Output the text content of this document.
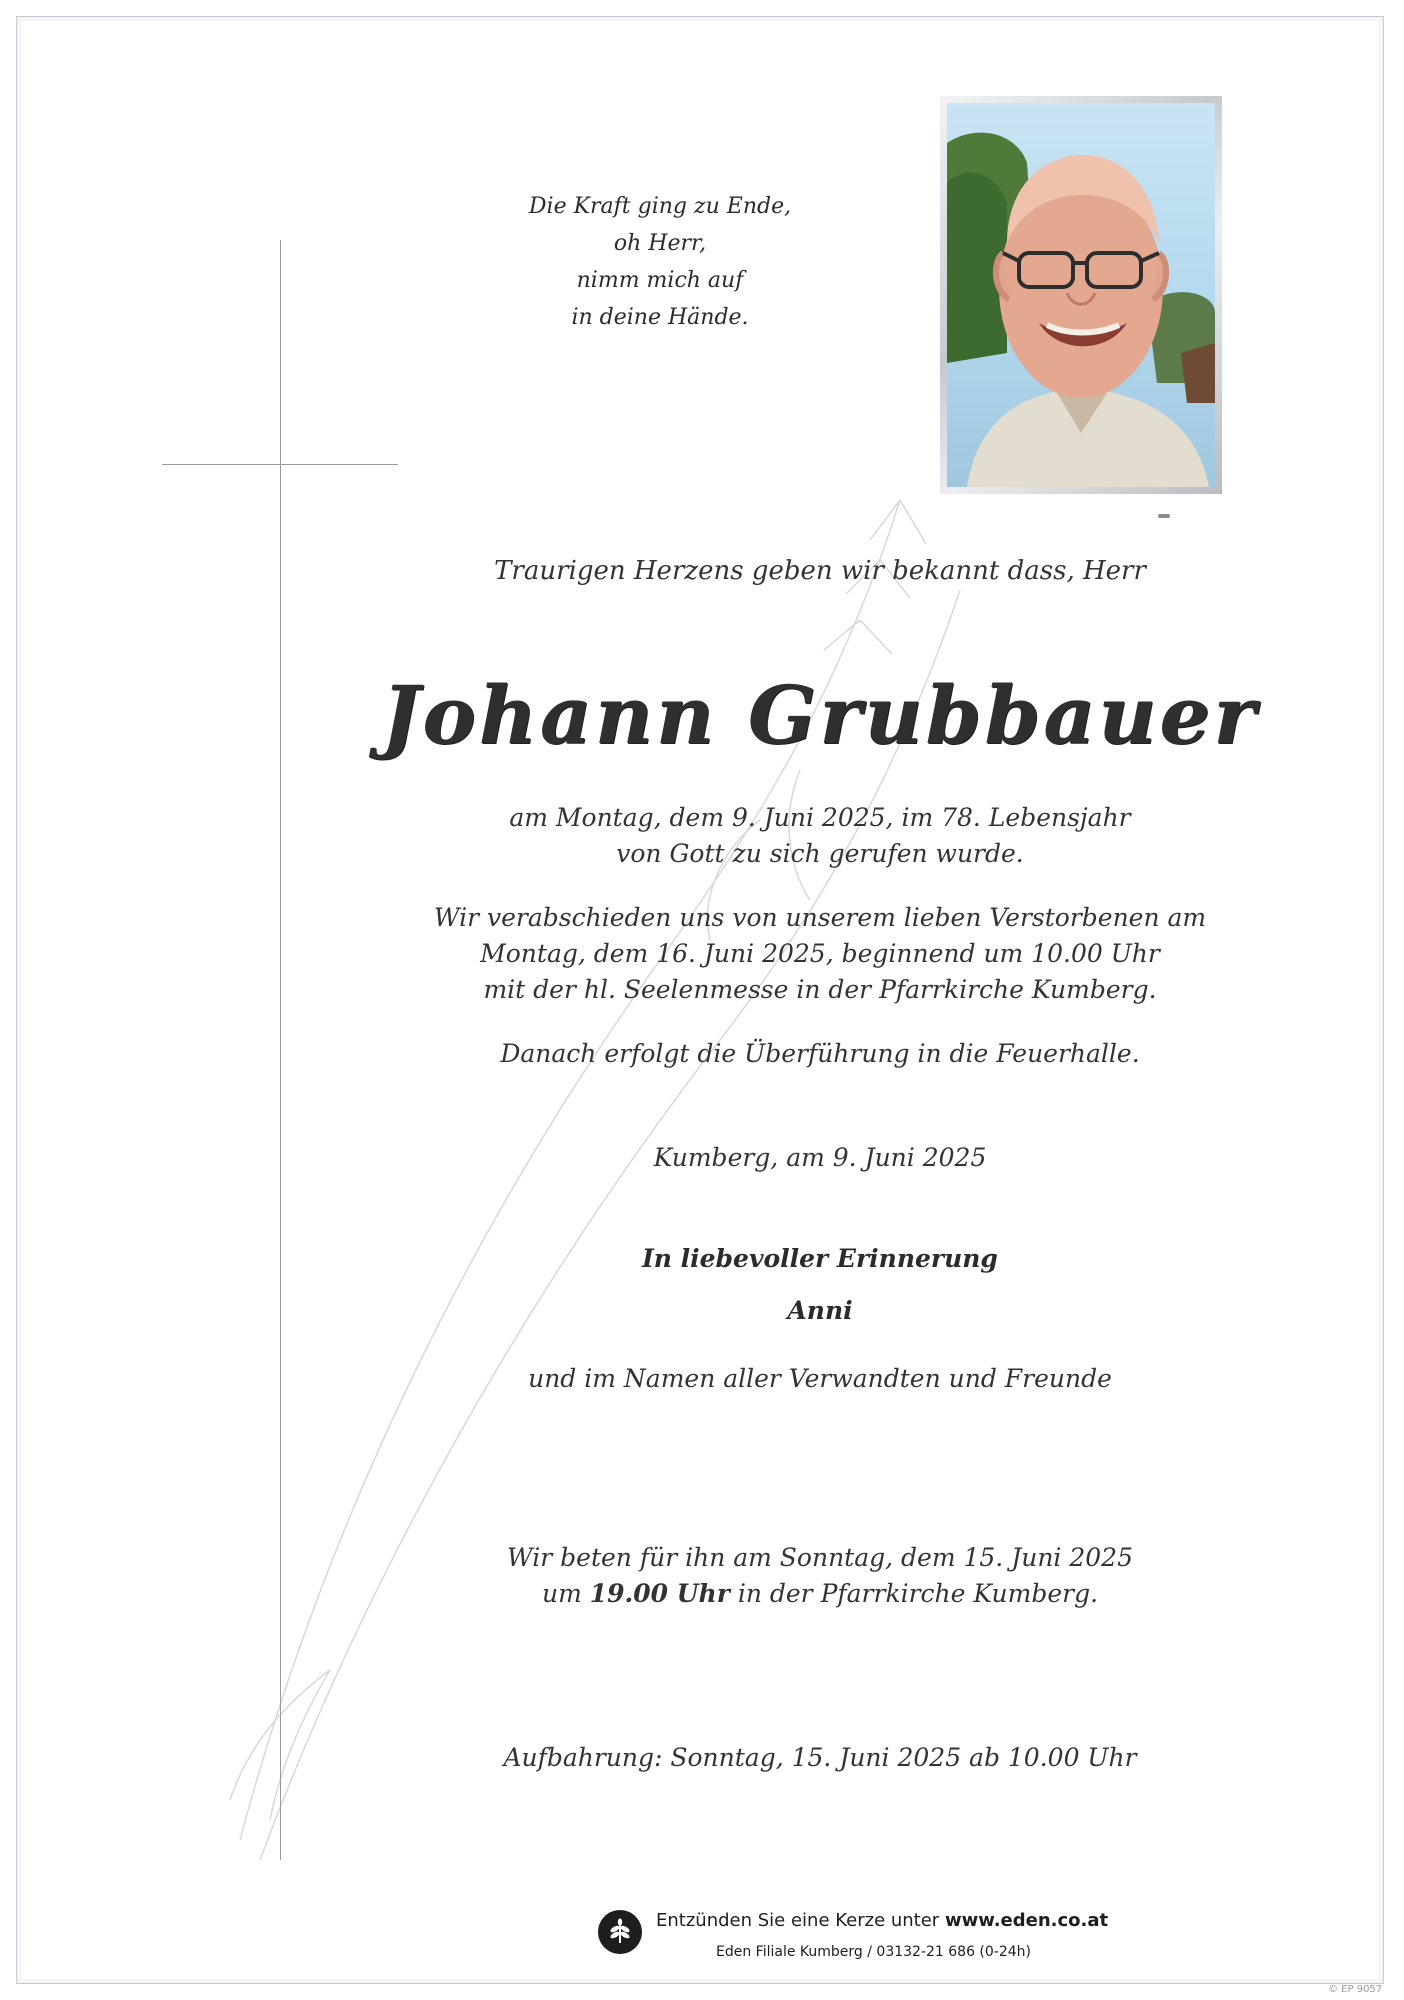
Die Kraft ging zu Ende,
oh Herr,
nimm mich auf
in deine Hände.
Traurigen Herzens geben wir bekannt dass, Herr
Johann Grubbauer
am Montag, dem 9. Juni 2025, im 78. Lebensjahr
von Gott zu sich gerufen wurde.
Wir verabschieden uns von unserem lieben Verstorbenen am
Montag, dem 16. Juni 2025, beginnend um 10.00 Uhr
mit der hl. Seelenmesse in der Pfarrkirche Kumberg.
Danach erfolgt die Überführung in die Feuerhalle.
Kumberg, am 9. Juni 2025
In liebevoller Erinnerung
Anni
und im Namen aller Verwandten und Freunde
Wir beten für ihn am Sonntag, dem 15. Juni 2025
um 19.00 Uhr in der Pfarrkirche Kumberg.
Aufbahrung: Sonntag, 15. Juni 2025 ab 10.00 Uhr
Entzünden Sie eine Kerze unter www.eden.co.at
Eden Filiale Kumberg / 03132-21 686 (0-24h)
© EP 9057
